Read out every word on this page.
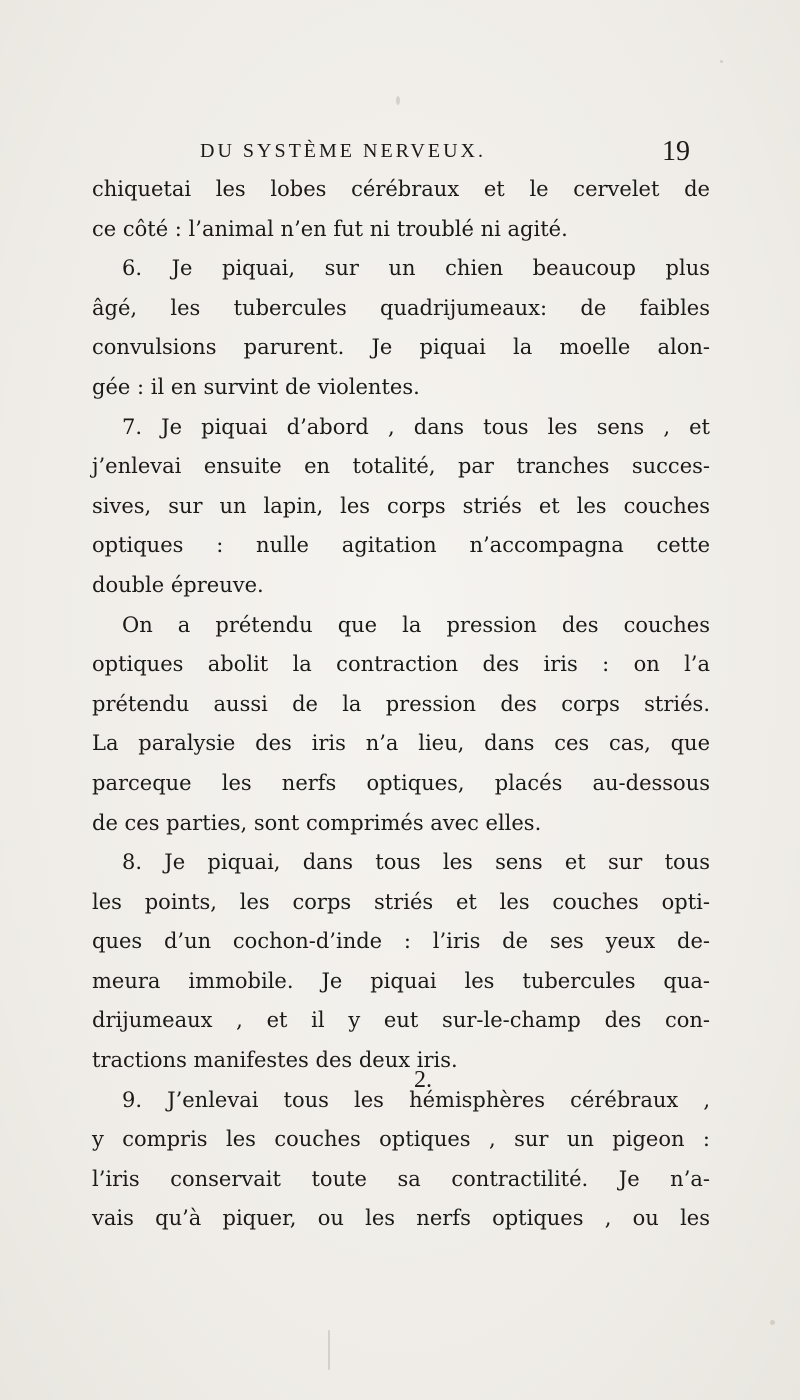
DU SYSTÈME NERVEUX.	19
chiquetai les lobes cérébraux et le cervelet de
ce côté : l’animal n’en fut ni troublé ni agité.
6. Je piquai, sur un chien beaucoup plus
âgé, les tubercules quadrijumeaux: de faibles
convulsions parurent. Je piquai la moelle alon-
gée : il en survint de violentes.
7. Je piquai d’abord , dans tous les sens , et
j’enlevai ensuite en totalité, par tranches succes-
sives, sur un lapin, les corps striés et les couches
optiques : nulle agitation n’accompagna cette
double épreuve.
On a prétendu que la pression des couches
optiques abolit la contraction des iris : on l’a
prétendu aussi de la pression des corps striés.
La paralysie des iris n’a lieu, dans ces cas, que
parceque les nerfs optiques, placés au-dessous
de ces parties, sont comprimés avec elles.
8. Je piquai, dans tous les sens et sur tous
les points, les corps striés et les couches opti-
ques d’un cochon-d’inde : l’iris de ses yeux de-
meura immobile. Je piquai les tubercules qua-
drijumeaux , et il y eut sur-le-champ des con-
tractions manifestes des deux iris.
9. J’enlevai tous les hémisphères cérébraux ,
y compris les couches optiques , sur un pigeon :
l’iris conservait toute sa contractilité. Je n’a-
vais qu’à piquer, ou les nerfs optiques , ou les
2.
